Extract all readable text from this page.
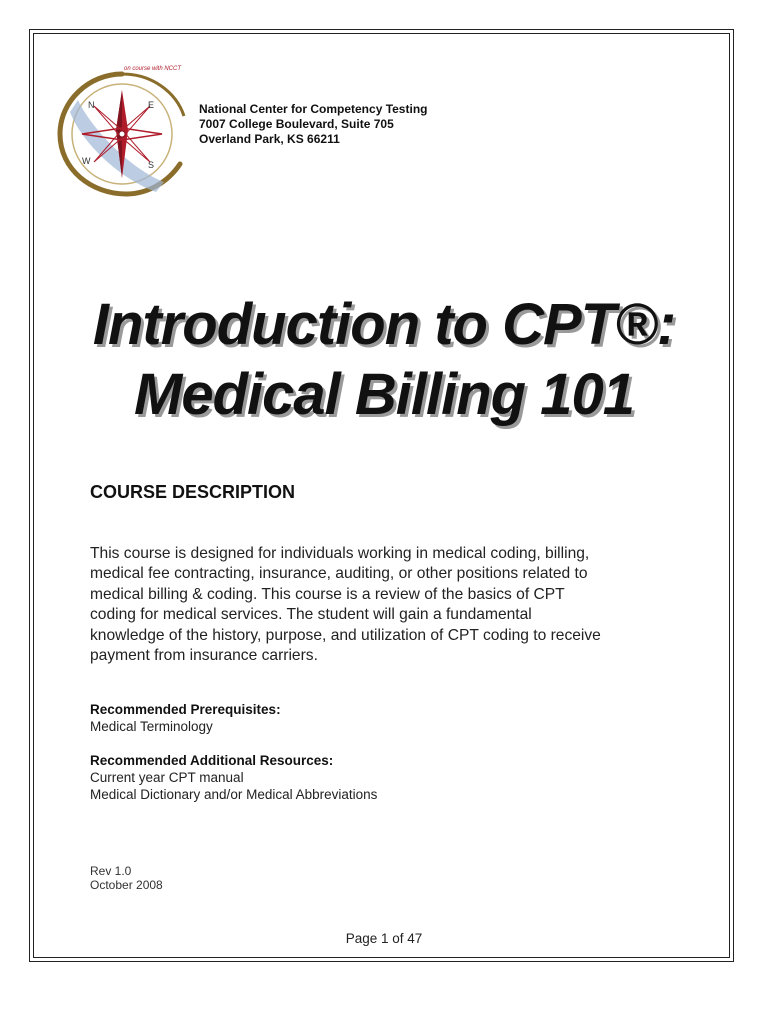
on course with NCCT
N	E
S
W
National Center for Competency Testing
7007 College Boulevard, Suite 705
Overland Park, KS 66211
Introduction to CPT®:
Medical Billing 101
COURSE DESCRIPTION
This course is designed for individuals working in medical coding, billing,
medical fee contracting, insurance, auditing, or other positions related to
medical billing & coding. This course is a review of the basics of CPT
coding for medical services. The student will gain a fundamental
knowledge of the history, purpose, and utilization of CPT coding to receive
payment from insurance carriers.
Recommended Prerequisites:
Medical Terminology
Recommended Additional Resources:
Current year CPT manual
Medical Dictionary and/or Medical Abbreviations
Rev 1.0
October 2008
Page 1 of 47
